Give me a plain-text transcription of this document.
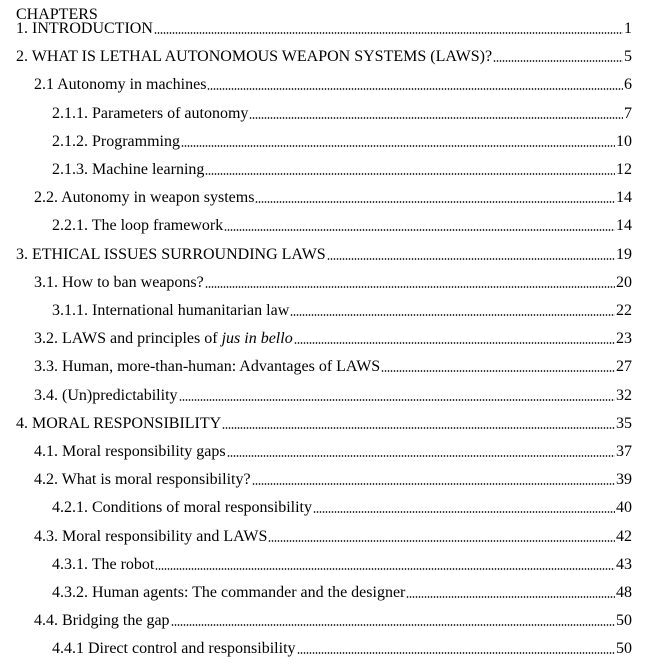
CHAPTERS
1. INTRODUCTION	1
2. WHAT IS LETHAL AUTONOMOUS WEAPON SYSTEMS (LAWS)?	5
2.1 Autonomy in machines	6
2.1.1. Parameters of autonomy	7
2.1.2. Programming	10
2.1.3. Machine learning	12
2.2. Autonomy in weapon systems	14
2.2.1. The loop framework	14
3. ETHICAL ISSUES SURROUNDING LAWS	19
3.1. How to ban weapons?	20
3.1.1. International humanitarian law	22
3.2. LAWS and principles of jus in bello	23
3.3. Human, more-than-human: Advantages of LAWS	27
3.4. (Un)predictability	32
4. MORAL RESPONSIBILITY	35
4.1. Moral responsibility gaps	37
4.2. What is moral responsibility?	39
4.2.1. Conditions of moral responsibility	40
4.3. Moral responsibility and LAWS	42
4.3.1. The robot	43
4.3.2. Human agents: The commander and the designer	48
4.4. Bridging the gap	50
4.4.1 Direct control and responsibility	50
